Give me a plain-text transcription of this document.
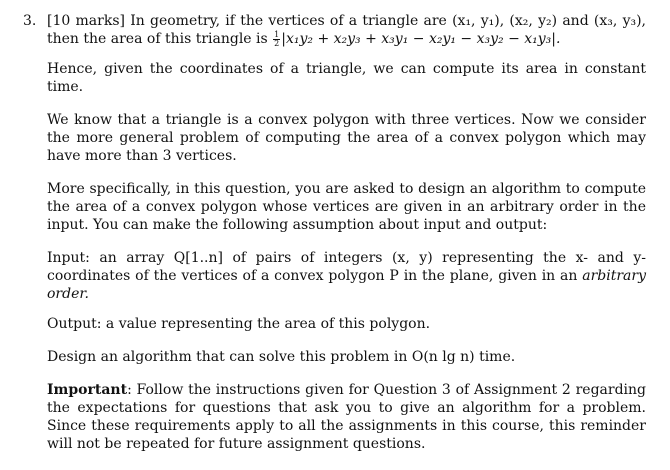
3. [10 marks] In geometry, if the vertices of a triangle are (x₁, y₁), (x₂, y₂) and (x₃, y₃), then the area of this triangle is $\frac{1}{2} |x_1y_2 + x_2y_3 + x_3y_1 - x_2y_1 - x_3y_2 - x_1y_3|$.

Hence, given the coordinates of a triangle, we can compute its area in constant time.

We know that a triangle is a convex polygon with three vertices. Now we consider the more general problem of computing the area of a convex polygon which may have more than 3 vertices.

More specifically, in this question, you are asked to design an algorithm to compute the area of a convex polygon whose vertices are given in an arbitrary order in the input. You can make the following assumption about input and output:

Input: an array Q[1..n] of pairs of integers (x, y) representing the x- and y-coordinates of the vertices of a convex polygon P in the plane, given in an arbitrary order.

Output: a value representing the area of this polygon.

Design an algorithm that can solve this problem in O(n lg n) time.

Important: Follow the instructions given for Question 3 of Assignment 2 regarding the expectations for questions that ask you to give an algorithm for a problem. Since these requirements apply to all the assignments in this course, this reminder will not be repeated for future assignment questions.
